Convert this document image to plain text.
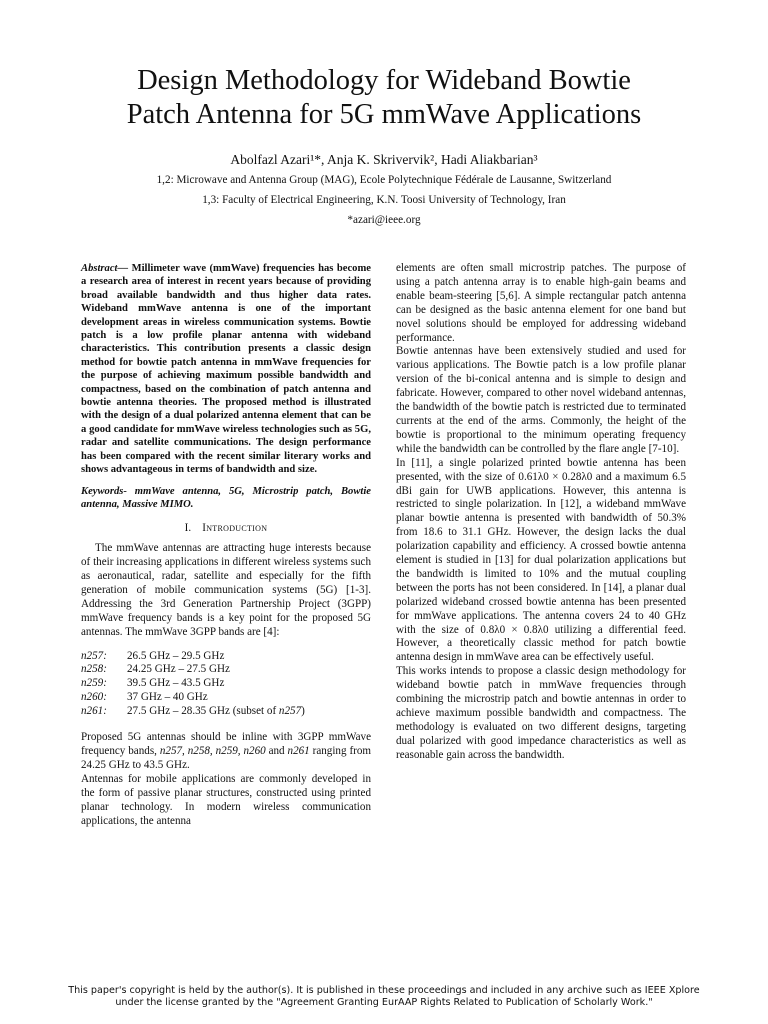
Design Methodology for Wideband Bowtie
Patch Antenna for 5G mmWave Applications
Abolfazl Azari¹*, Anja K. Skrivervik², Hadi Aliakbarian³
1,2: Microwave and Antenna Group (MAG), Ecole Polytechnique Fédérale de Lausanne, Switzerland
1,3: Faculty of Electrical Engineering, K.N. Toosi University of Technology, Iran
*azari@ieee.org

Abstract— Millimeter wave (mmWave) frequencies has become a research area of interest in recent years because of providing broad available bandwidth and thus higher data rates. Wideband mmWave antenna is one of the important development areas in wireless communication systems. Bowtie patch is a low profile planar antenna with wideband characteristics. This contribution presents a classic design method for bowtie patch antenna in mmWave frequencies for the purpose of achieving maximum possible bandwidth and compactness, based on the combination of patch antenna and bowtie antenna theories. The proposed method is illustrated with the design of a dual polarized antenna element that can be a good candidate for mmWave wireless technologies such as 5G, radar and satellite communications. The design performance has been compared with the recent similar literary works and shows advantageous in terms of bandwidth and size.

Keywords- mmWave antenna, 5G, Microstrip patch, Bowtie antenna, Massive MIMO.

I. Introduction

The mmWave antennas are attracting huge interests because of their increasing applications in different wireless systems such as aeronautical, radar, satellite and especially for the fifth generation of mobile communication systems (5G) [1-3]. Addressing the 3rd Generation Partnership Project (3GPP) mmWave frequency bands is a key point for the proposed 5G antennas. The mmWave 3GPP bands are [4]:

n257:	26.5 GHz – 29.5 GHz
n258:	24.25 GHz – 27.5 GHz
n259:	39.5 GHz – 43.5 GHz
n260:	37 GHz – 40 GHz
n261:	27.5 GHz – 28.35 GHz (subset of n257)

Proposed 5G antennas should be inline with 3GPP mmWave frequency bands, n257, n258, n259, n260 and n261 ranging from 24.25 GHz to 43.5 GHz.

Antennas for mobile applications are commonly developed in the form of passive planar structures, constructed using printed planar technology. In modern wireless communication applications, the antenna

elements are often small microstrip patches. The purpose of using a patch antenna array is to enable high-gain beams and enable beam-steering [5,6]. A simple rectangular patch antenna can be designed as the basic antenna element for one band but novel solutions should be employed for addressing wideband performance.

Bowtie antennas have been extensively studied and used for various applications. The Bowtie patch is a low profile planar version of the bi-conical antenna and is simple to design and fabricate. However, compared to other novel wideband antennas, the bandwidth of the bowtie patch is restricted due to terminated currents at the end of the arms. Commonly, the height of the bowtie is proportional to the minimum operating frequency while the bandwidth can be controlled by the flare angle [7-10].

In [11], a single polarized printed bowtie antenna has been presented, with the size of 0.61λ0 × 0.28λ0 and a maximum 6.5 dBi gain for UWB applications. However, this antenna is restricted to single polarization. In [12], a wideband mmWave planar bowtie antenna is presented with bandwidth of 50.3% from 18.6 to 31.1 GHz. However, the design lacks the dual polarization capability and efficiency. A crossed bowtie antenna element is studied in [13] for dual polarization applications but the bandwidth is limited to 10% and the mutual coupling between the ports has not been considered. In [14], a planar dual polarized wideband crossed bowtie antenna has been presented for mmWave applications. The antenna covers 24 to 40 GHz with the size of 0.8λ0 × 0.8λ0 utilizing a differential feed. However, a theoretically classic method for patch bowtie antenna design in mmWave area can be effectively useful.

This works intends to propose a classic design methodology for wideband bowtie patch in mmWave frequencies through combining the microstrip patch and bowtie antennas in order to achieve maximum possible bandwidth and compactness. The methodology is evaluated on two different designs, targeting dual polarized with good impedance characteristics as well as reasonable gain across the bandwidth.

This paper's copyright is held by the author(s). It is published in these proceedings and included in any archive such as IEEE Xplore
under the license granted by the "Agreement Granting EurAAP Rights Related to Publication of Scholarly Work."
